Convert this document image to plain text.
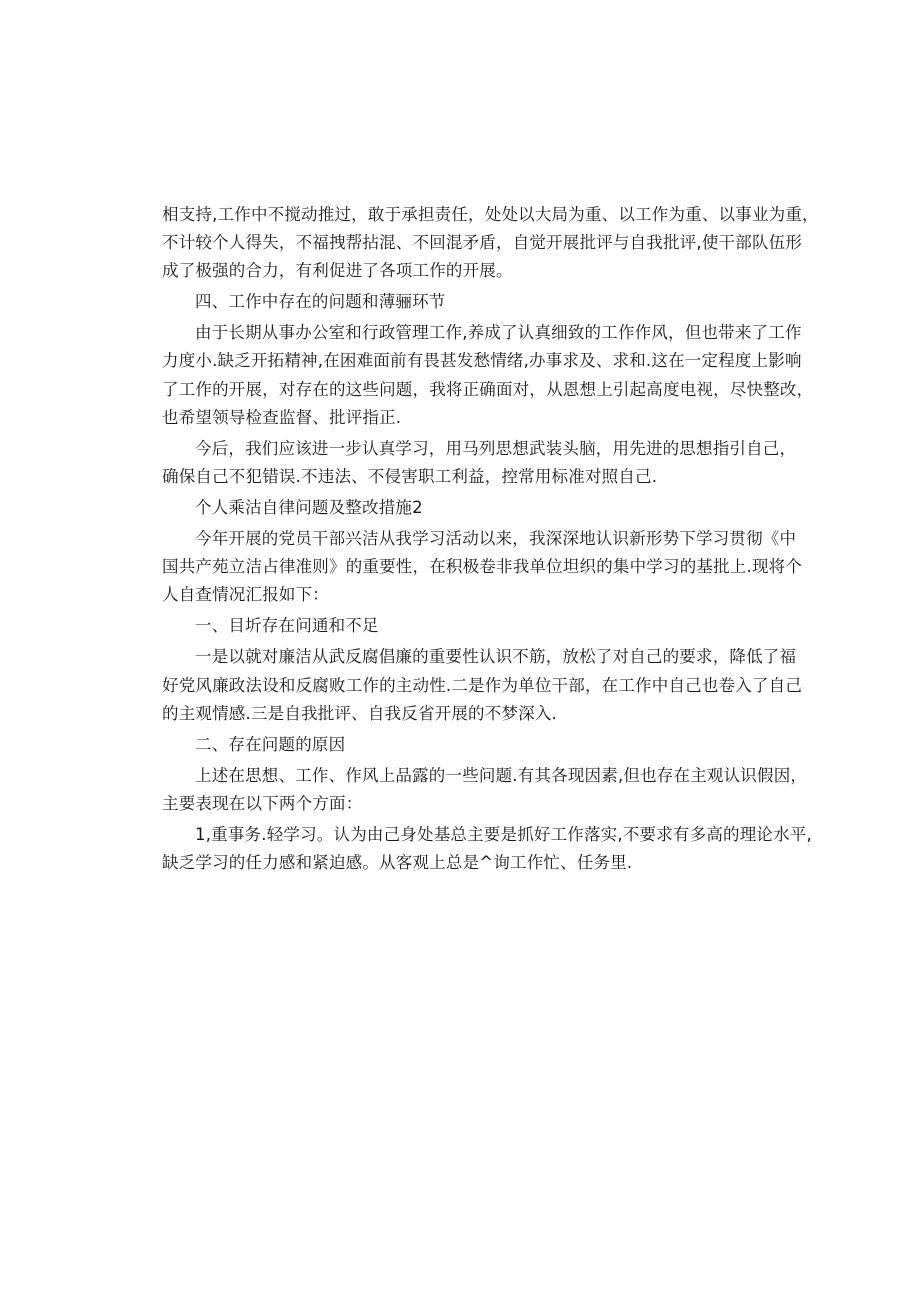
相支持,工作中不搅动推过，敢于承担责任，处处以大局为重、以工作为重、以事业为重，
不计较个人得失，不福拽帮拈混、不回混矛盾，自觉开展批评与自我批评,使干部队伍形
成了极强的合力，有利促进了各项工作的开展。

四、工作中存在的问题和薄骊环节

由于长期从事办公室和行政管理工作,养成了认真细致的工作作风，但也带来了工作
力度小.缺乏开拓精神,在困难面前有畏甚发愁情绪,办事求及、求和.这在一定程度上影响
了工作的开展，对存在的这些问题，我将正确面对，从恩想上引起高度电视，尽快整改，
也希望领导检查监督、批评指正.

今后，我们应该进一步认真学习，用马列思想武装头脑，用先进的思想指引自己，
确保自己不犯错误.不违法、不侵害职工利益，控常用标准对照自己.

个人乘沽自律问题及整改措施2

今年开展的党员干部兴洁从我学习活动以来，我深深地认识新形势下学习贯彻《中
国共产苑立洁占律准则》的重要性，在积极卷非我单位坦织的集中学习的基批上.现将个
人自查情况汇报如下：

一、目圻存在问通和不足

一是以就对廉洁从武反腐倡廉的重要性认识不筋，放松了对自己的要求，降低了福
好党风廉政法设和反腐败工作的主动性.二是作为单位干部，在工作中自己也卷入了自己
的主观情感.三是自我批评、自我反省开展的不梦深入.

二、存在问题的原因

上述在思想、工作、作风上品露的一些问题.有其各现因素,但也存在主观认识假因，
主要表现在以下两个方面：

1,重事务.轻学习。认为由己身处基总主要是抓好工作落实,不要求有多高的理论水平,
缺乏学习的任力感和紧迫感。从客观上总是^询工作忙、任务里.
